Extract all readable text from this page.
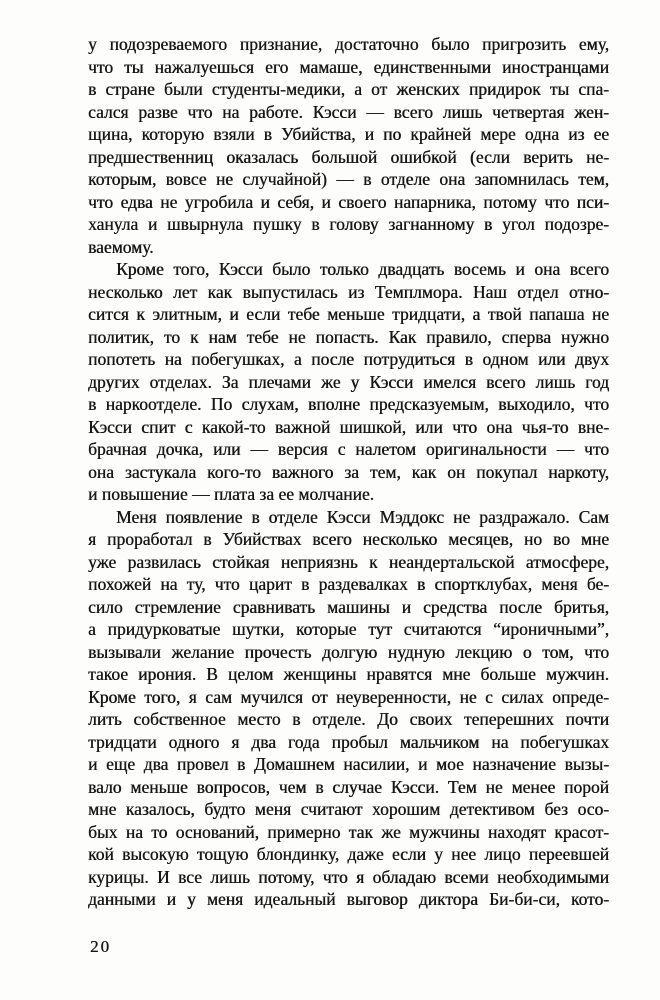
у подозреваемого признание, достаточно было пригрозить ему,
что ты нажалуешься его мамаше, единственными иностранцами
в стране были студенты-медики, а от женских придирок ты спа-
сался разве что на работе. Кэсси — всего лишь четвертая жен-
щина, которую взяли в Убийства, и по крайней мере одна из ее
предшественниц оказалась большой ошибкой (если верить не-
которым, вовсе не случайной) — в отделе она запомнилась тем,
что едва не угробила и себя, и своего напарника, потому что пси-
ханула и швырнула пушку в голову загнанному в угол подозре-
ваемому.
Кроме того, Кэсси было только двадцать восемь и она всего
несколько лет как выпустилась из Темплмора. Наш отдел отно-
сится к элитным, и если тебе меньше тридцати, а твой папаша не
политик, то к нам тебе не попасть. Как правило, сперва нужно
попотеть на побегушках, а после потрудиться в одном или двух
других отделах. За плечами же у Кэсси имелся всего лишь год
в наркоотделе. По слухам, вполне предсказуемым, выходило, что
Кэсси спит с какой-то важной шишкой, или что она чья-то вне-
брачная дочка, или — версия с налетом оригинальности — что
она застукала кого-то важного за тем, как он покупал наркоту,
и повышение — плата за ее молчание.
Меня появление в отделе Кэсси Мэддокс не раздражало. Сам
я проработал в Убийствах всего несколько месяцев, но во мне
уже развилась стойкая неприязнь к неандертальской атмосфере,
похожей на ту, что царит в раздевалках в спортклубах, меня бе-
сило стремление сравнивать машины и средства после бритья,
а придурковатые шутки, которые тут считаются “ироничными”,
вызывали желание прочесть долгую нудную лекцию о том, что
такое ирония. В целом женщины нравятся мне больше мужчин.
Кроме того, я сам мучился от неуверенности, не с силах опреде-
лить собственное место в отделе. До своих теперешних почти
тридцати одного я два года пробыл мальчиком на побегушках
и еще два провел в Домашнем насилии, и мое назначение вызы-
вало меньше вопросов, чем в случае Кэсси. Тем не менее порой
мне казалось, будто меня считают хорошим детективом без осо-
бых на то оснований, примерно так же мужчины находят красот-
кой высокую тощую блондинку, даже если у нее лицо переевшей
курицы. И все лишь потому, что я обладаю всеми необходимыми
данными и у меня идеальный выговор диктора Би-би-си, кото-
20
